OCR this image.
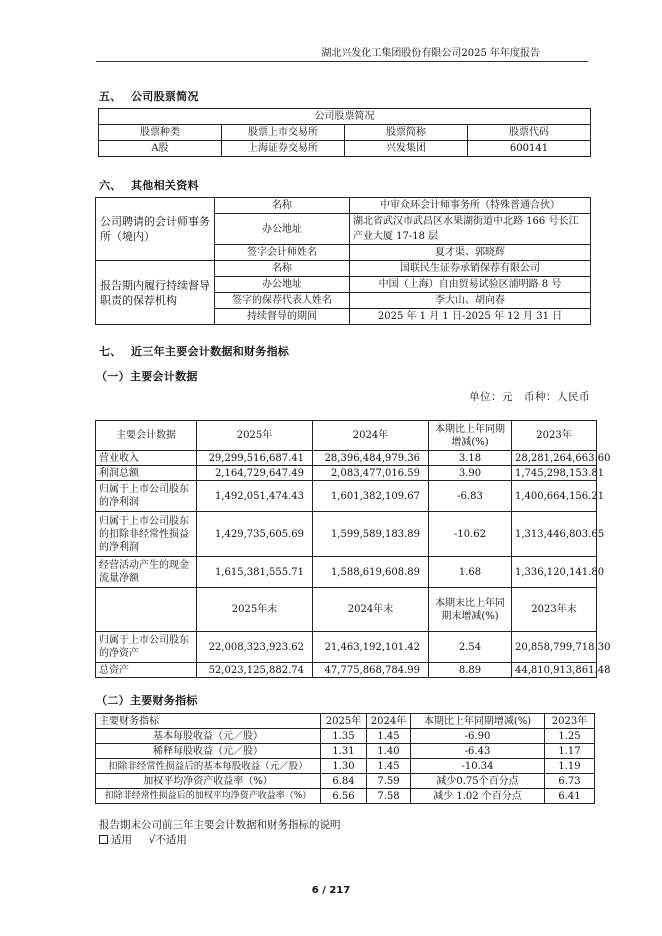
湖北兴发化工集团股份有限公司2025 年年度报告
五、 公司股票简况
公司股票简况			
股票种类	股票上市交易所	股票简称	股票代码
A股	上海证券交易所	兴发集团	600141
六、 其他相关资料
公司聘请的会计师事务所（境内）	名称	中审众环会计师事务所（特殊普通合伙）
	办公地址	湖北省武汉市武昌区水果湖街道中北路 166 号长江产业大厦 17-18 层
	签字会计师姓名	夏才渠、郭晓辉
报告期内履行持续督导职责的保荐机构	名称	国联民生证券承销保荐有限公司
	办公地址	中国（上海）自由贸易试验区浦明路 8 号
	签字的保荐代表人姓名	李大山、胡向春
	持续督导的期间	2025 年 1 月 1 日-2025 年 12 月 31 日
七、 近三年主要会计数据和财务指标
（一）主要会计数据
单位：元　币种：人民币
主要会计数据	2025年	2024年	本期比上年同期增减(%)	2023年
营业收入	29,299,516,687.41	28,396,484,979.36	3.18	28,281,264,663.60
利润总额	2,164,729,647.49	2,083,477,016.59	3.90	1,745,298,153.81
归属于上市公司股东的净利润	1,492,051,474.43	1,601,382,109.67	-6.83	1,400,664,156.21
归属于上市公司股东的扣除非经常性损益的净利润	1,429,735,605.69	1,599,589,183.89	-10.62	1,313,446,803.65
经营活动产生的现金流量净额	1,615,381,555.71	1,588,619,608.89	1.68	1,336,120,141.80
	2025年末	2024年末	本期末比上年同期末增减(%)	2023年末
归属于上市公司股东的净资产	22,008,323,923.62	21,463,192,101.42	2.54	20,858,799,718.30
总资产	52,023,125,882.74	47,775,868,784.99	8.89	44,810,913,861.48
（二）主要财务指标
主要财务指标	2025年	2024年	本期比上年同期增减(%)	2023年
基本每股收益（元／股）	1.35	1.45	-6.90	1.25
稀释每股收益（元／股）	1.31	1.40	-6.43	1.17
扣除非经常性损益后的基本每股收益（元／股）	1.30	1.45	-10.34	1.19
加权平均净资产收益率（%）	6.84	7.59	减少0.75个百分点	6.73
扣除非经常性损益后的加权平均净资产收益率（%）	6.56	7.58	减少 1.02 个百分点	6.41
报告期末公司前三年主要会计数据和财务指标的说明
适用 √不适用
6 / 217
